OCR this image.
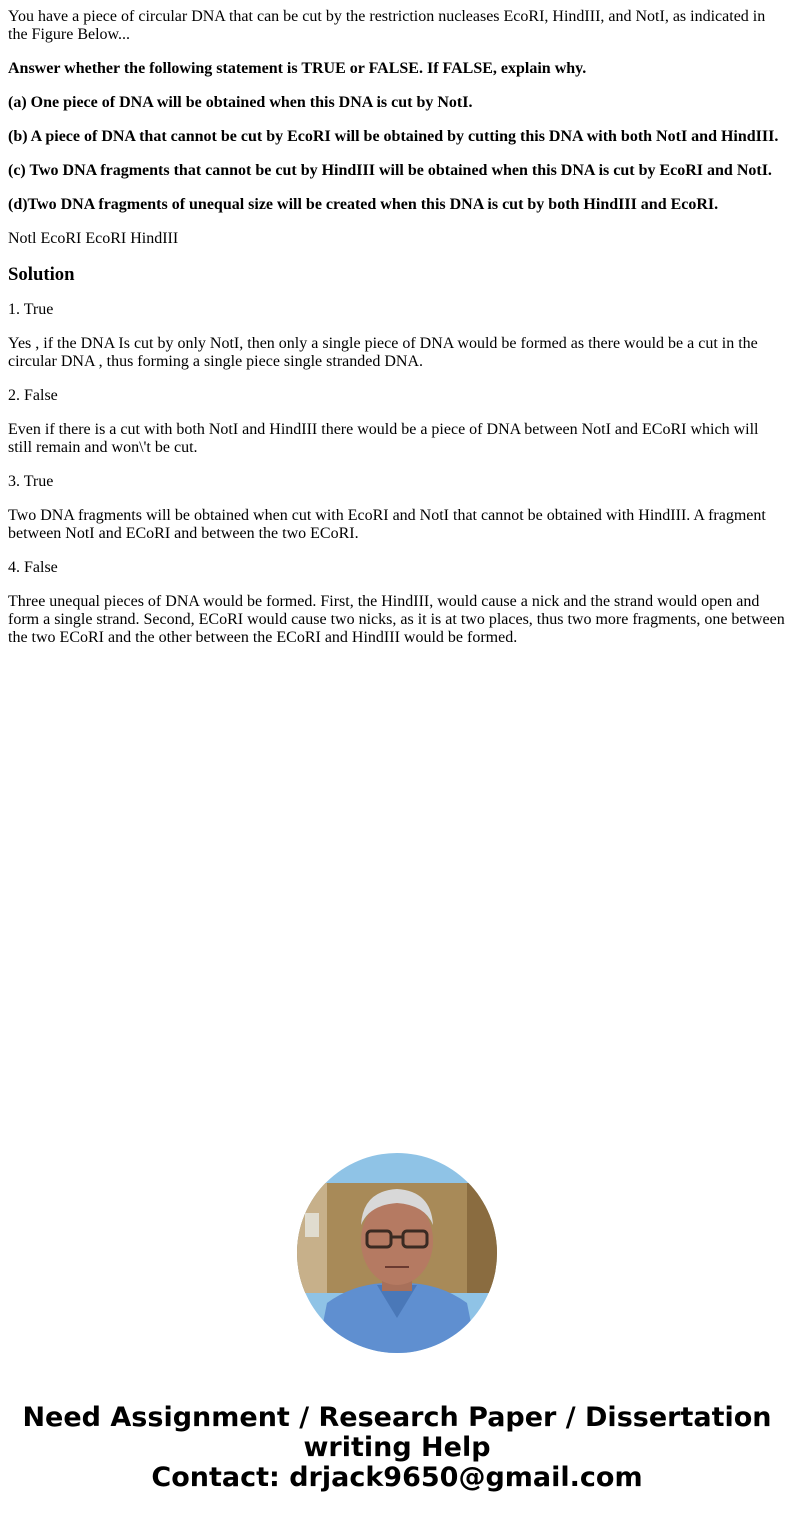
You have a piece of circular DNA that can be cut by the restriction nucleases EcoRI, HindIII, and NotI, as indicated in the Figure Below...

Answer whether the following statement is TRUE or FALSE. If FALSE, explain why.

(a) One piece of DNA will be obtained when this DNA is cut by NotI.

(b) A piece of DNA that cannot be cut by EcoRI will be obtained by cutting this DNA with both NotI and HindIII.

(c) Two DNA fragments that cannot be cut by HindIII will be obtained when this DNA is cut by EcoRI and NotI.

(d)Two DNA fragments of unequal size will be created when this DNA is cut by both HindIII and EcoRI.

Notl EcoRI EcoRI HindIII

Solution

1. True

Yes , if the DNA Is cut by only NotI, then only a single piece of DNA would be formed as there would be a cut in the circular DNA , thus forming a single piece single stranded DNA.

2. False

Even if there is a cut with both NotI and HindIII there would be a piece of DNA between NotI and ECoRI which will still remain and won\'t be cut.

3. True

Two DNA fragments will be obtained when cut with EcoRI and NotI that cannot be obtained with HindIII. A fragment between NotI and ECoRI and between the two ECoRI.

4. False

Three unequal pieces of DNA would be formed. First, the HindIII, would cause a nick and the strand would open and form a single strand. Second, ECoRI would cause two nicks, as it is at two places, thus two more fragments, one between the two ECoRI and the other between the ECoRI and HindIII would be formed.

Need Assignment / Research Paper / Dissertation
writing Help
Contact: drjack9650@gmail.com
